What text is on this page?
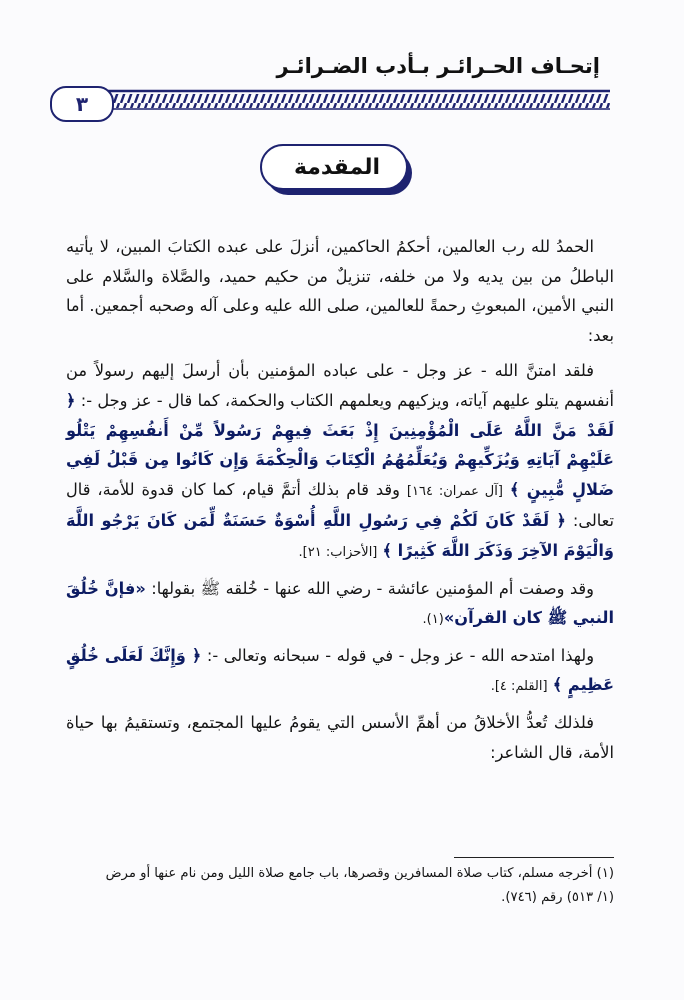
إتحـاف الحـرائـر بـأدب الضـرائـر
٣
المقدمة

الحمدُ لله رب العالمين، أحكمُ الحاكمين، أنزلَ على عبده الكتابَ المبين، لا يأتيه الباطلُ من بين يديه ولا من خلفه، تنزيلٌ من حكيم حميد، والصَّلاة والسَّلام على النبي الأمين، المبعوثِ رحمةً للعالمين، صلى الله عليه وعلى آله وصحبه أجمعين. أما بعد:

فلقد امتنَّ الله - عز وجل - على عباده المؤمنين بأن أرسلَ إليهم رسولاً من أنفسهم يتلو عليهم آياته، ويزكيهم ويعلمهم الكتاب والحكمة، كما قال - عز وجل -: ﴿ لَقَدْ مَنَّ اللَّهُ عَلَى الْمُؤْمِنِينَ إِذْ بَعَثَ فِيهِمْ رَسُولاً مِّنْ أَنفُسِهِمْ يَتْلُو عَلَيْهِمْ آيَاتِهِ وَيُزَكِّيهِمْ وَيُعَلِّمُهُمُ الْكِتَابَ وَالْحِكْمَةَ وَإِن كَانُوا مِن قَبْلُ لَفِي ضَلالٍ مُّبِينٍ ﴾ [آل عمران: ١٦٤] وقد قام بذلك أتمَّ قيام، كما كان قدوة للأمة، قال تعالى: ﴿ لَقَدْ كَانَ لَكُمْ فِي رَسُولِ اللَّهِ أُسْوَةٌ حَسَنَةٌ لِّمَن كَانَ يَرْجُو اللَّهَ وَالْيَوْمَ الآخِرَ وَذَكَرَ اللَّهَ كَثِيرًا ﴾ [الأحزاب: ٢١].

وقد وصفت أم المؤمنين عائشة - رضي الله عنها - خُلقه ﷺ بقولها: «فإنَّ خُلُقَ النبي ﷺ كان القرآن»(١).

ولهذا امتدحه الله - عز وجل - في قوله - سبحانه وتعالى -: ﴿ وَإِنَّكَ لَعَلَى خُلُقٍ عَظِيمٍ ﴾ [القلم: ٤].

فلذلك تُعدُّ الأخلاقُ من أهمِّ الأسس التي يقومُ عليها المجتمع، وتستقيمُ بها حياة الأمة، قال الشاعر:

(١) أخرجه مسلم، كتاب صلاة المسافرين وقصرها، باب جامع صلاة الليل ومن نام عنها أو مرض
(١/ ٥١٣) رقم (٧٤٦).
